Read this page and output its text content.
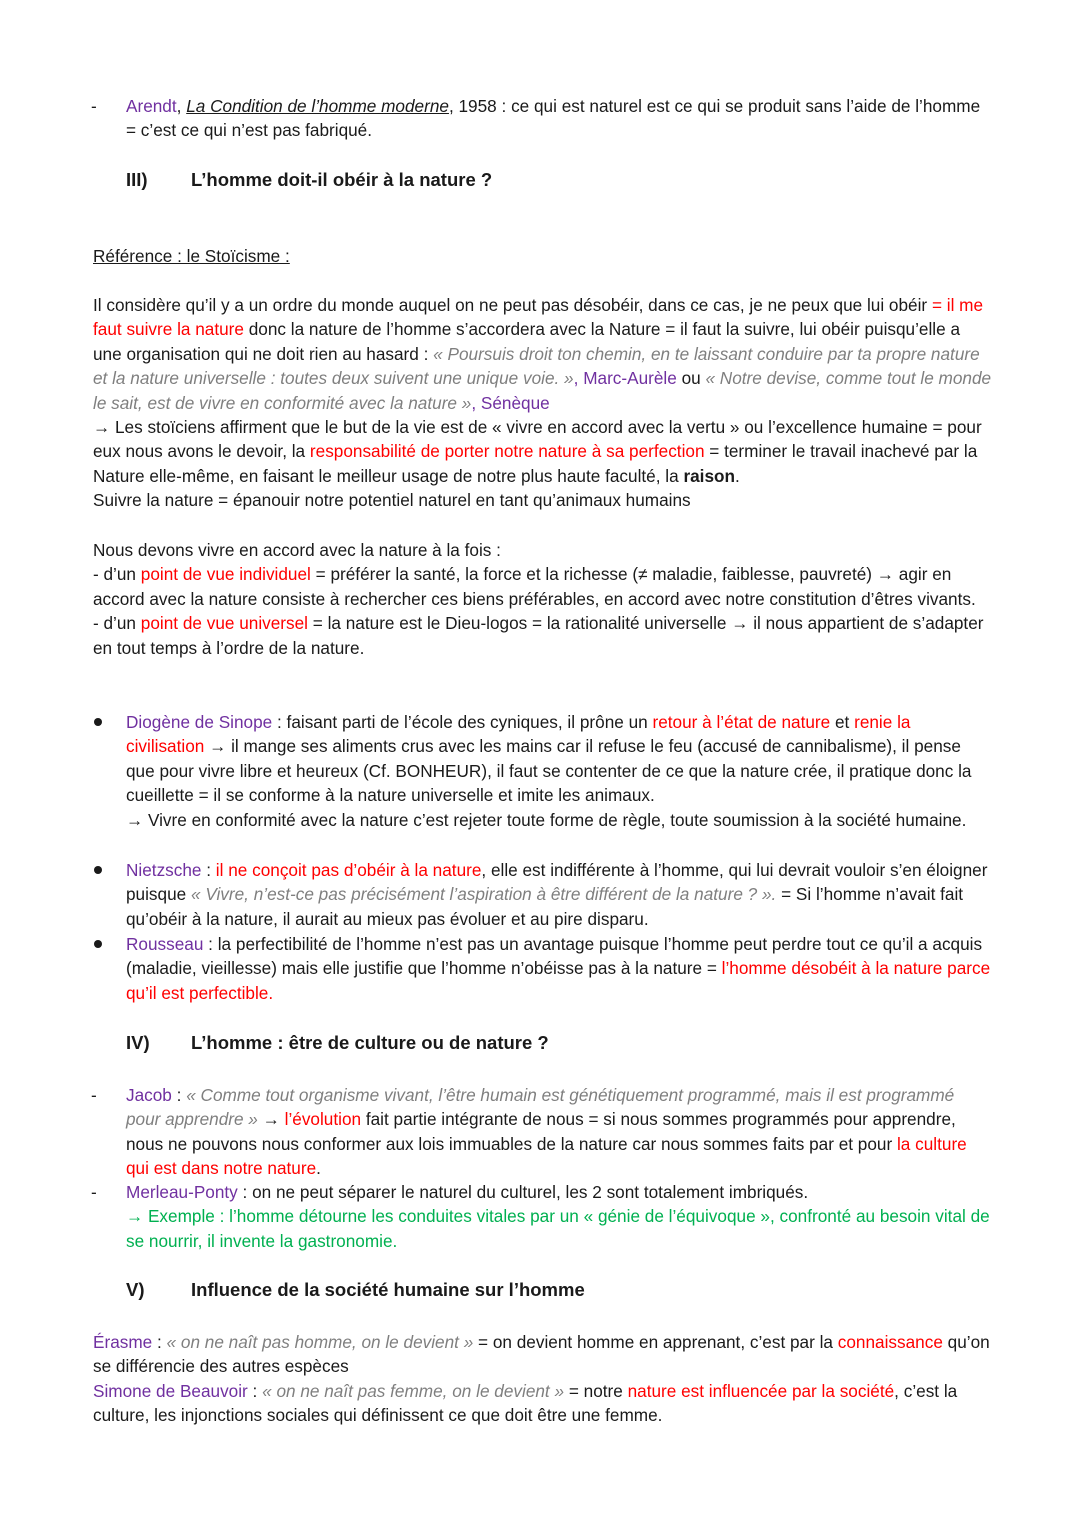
-	Arendt, La Condition de l’homme moderne, 1958 : ce qui est naturel est ce qui se produit sans l’aide de l’homme = c’est ce qui n’est pas fabriqué.

III) L’homme doit-il obéir à la nature ?

Référence : le Stoïcisme :

Il considère qu’il y a un ordre du monde auquel on ne peut pas désobéir, dans ce cas, je ne peux que lui obéir = il me faut suivre la nature donc la nature de l’homme s’accordera avec la Nature = il faut la suivre, lui obéir puisqu’elle a une organisation qui ne doit rien au hasard : « Poursuis droit ton chemin, en te laissant conduire par ta propre nature et la nature universelle : toutes deux suivent une unique voie. », Marc-Aurèle ou « Notre devise, comme tout le monde le sait, est de vivre en conformité avec la nature », Sénèque
→ Les stoïciens affirment que le but de la vie est de « vivre en accord avec la vertu » ou l’excellence humaine = pour eux nous avons le devoir, la responsabilité de porter notre nature à sa perfection = terminer le travail inachevé par la Nature elle-même, en faisant le meilleur usage de notre plus haute faculté, la raison.
Suivre la nature = épanouir notre potentiel naturel en tant qu’animaux humains

Nous devons vivre en accord avec la nature à la fois :
- d’un point de vue individuel = préférer la santé, la force et la richesse (≠ maladie, faiblesse, pauvreté) → agir en accord avec la nature consiste à rechercher ces biens préférables, en accord avec notre constitution d’êtres vivants.
- d’un point de vue universel = la nature est le Dieu-logos = la rationalité universelle → il nous appartient de s’adapter en tout temps à l’ordre de la nature.

Diogène de Sinope : faisant parti de l’école des cyniques, il prône un retour à l’état de nature et renie la civilisation → il mange ses aliments crus avec les mains car il refuse le feu (accusé de cannibalisme), il pense que pour vivre libre et heureux (Cf. BONHEUR), il faut se contenter de ce que la nature crée, il pratique donc la cueillette = il se conforme à la nature universelle et imite les animaux.
→ Vivre en conformité avec la nature c’est rejeter toute forme de règle, toute soumission à la société humaine.

Nietzsche : il ne conçoit pas d’obéir à la nature, elle est indifférente à l’homme, qui lui devrait vouloir s’en éloigner puisque « Vivre, n’est-ce pas précisément l’aspiration à être différent de la nature ? ». = Si l’homme n’avait fait qu’obéir à la nature, il aurait au mieux pas évoluer et au pire disparu.

Rousseau : la perfectibilité de l’homme n’est pas un avantage puisque l’homme peut perdre tout ce qu’il a acquis (maladie, vieillesse) mais elle justifie que l’homme n’obéisse pas à la nature = l’homme désobéit à la nature parce qu’il est perfectible.

IV) L’homme : être de culture ou de nature ?

-	Jacob : « Comme tout organisme vivant, l’être humain est génétiquement programmé, mais il est programmé pour apprendre » → l’évolution fait partie intégrante de nous = si nous sommes programmés pour apprendre, nous ne pouvons nous conformer aux lois immuables de la nature car nous sommes faits par et pour la culture qui est dans notre nature.

-	Merleau-Ponty : on ne peut séparer le naturel du culturel, les 2 sont totalement imbriqués.
→ Exemple : l’homme détourne les conduites vitales par un « génie de l’équivoque », confronté au besoin vital de se nourrir, il invente la gastronomie.

V)	Influence de la société humaine sur l’homme

Érasme : « on ne naît pas homme, on le devient » = on devient homme en apprenant, c’est par la connaissance qu’on se différencie des autres espèces
Simone de Beauvoir : « on ne naît pas femme, on le devient » = notre nature est influencée par la société, c’est la culture, les injonctions sociales qui définissent ce que doit être une femme.
